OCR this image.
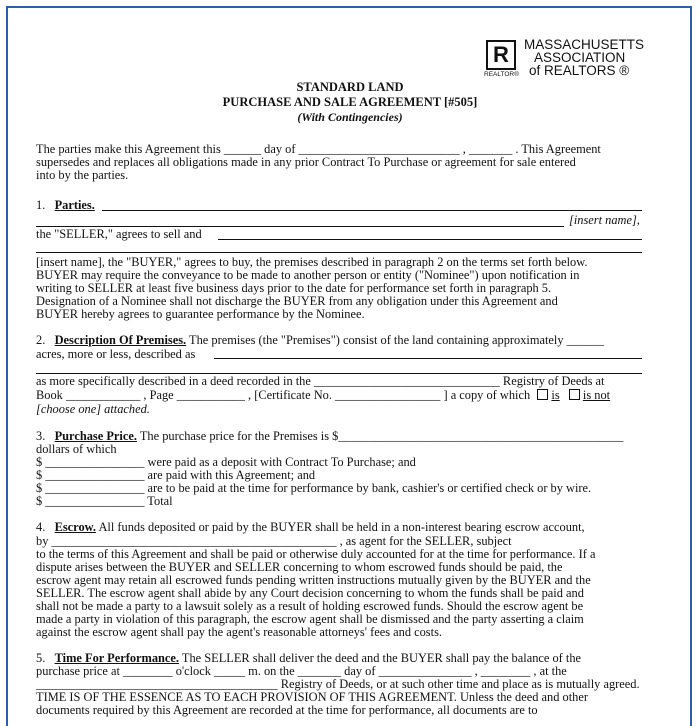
R
REALTOR®
MASSACHUSETTS
ASSOCIATION
of REALTORS ®
STANDARD LAND
PURCHASE AND SALE AGREEMENT [#505]
(With Contingencies)
The parties make this Agreement this ______ day of __________________________ , _______ . This Agreement
supersedes and replaces all obligations made in any prior Contract To Purchase or agreement for sale entered
into by the parties.
1. Parties.
[insert name],
the "SELLER," agrees to sell and
[insert name], the "BUYER," agrees to buy, the premises described in paragraph 2 on the terms set forth below.
BUYER may require the conveyance to be made to another person or entity ("Nominee") upon notification in
writing to SELLER at least five business days prior to the date for performance set forth in paragraph 5.
Designation of a Nominee shall not discharge the BUYER from any obligation under this Agreement and
BUYER hereby agrees to guarantee performance by the Nominee.
2. Description Of Premises. The premises (the "Premises") consist of the land containing approximately ______
acres, more or less, described as
as more specifically described in a deed recorded in the ______________________________ Registry of Deeds at
Book ____________ , Page ___________ , [Certificate No. _________________ ] a copy of which is is not
[choose one] attached.
3. Purchase Price. The purchase price for the Premises is $______________________________________________
dollars of which
$ ________________ were paid as a deposit with Contract To Purchase; and
$ ________________ are paid with this Agreement; and
$ ________________ are to be paid at the time for performance by bank, cashier's or certified check or by wire.
$ ________________ Total
4. Escrow. All funds deposited or paid by the BUYER shall be held in a non-interest bearing escrow account,
by ______________________________________________ , as agent for the SELLER, subject
to the terms of this Agreement and shall be paid or otherwise duly accounted for at the time for performance. If a
dispute arises between the BUYER and SELLER concerning to whom escrowed funds should be paid, the
escrow agent may retain all escrowed funds pending written instructions mutually given by the BUYER and the
SELLER. The escrow agent shall abide by any Court decision concerning to whom the funds shall be paid and
shall not be made a party to a lawsuit solely as a result of holding escrowed funds. Should the escrow agent be
made a party in violation of this paragraph, the escrow agent shall be dismissed and the party asserting a claim
against the escrow agent shall pay the agent's reasonable attorneys' fees and costs.
5. Time For Performance. The SELLER shall deliver the deed and the BUYER shall pay the balance of the
purchase price at ________ o'clock _____ m. on the _______ day of _______________ , ________ , at the
_______________________________________ Registry of Deeds, or at such other time and place as is mutually agreed.
TIME IS OF THE ESSENCE AS TO EACH PROVISION OF THIS AGREEMENT. Unless the deed and other
documents required by this Agreement are recorded at the time for performance, all documents are to
